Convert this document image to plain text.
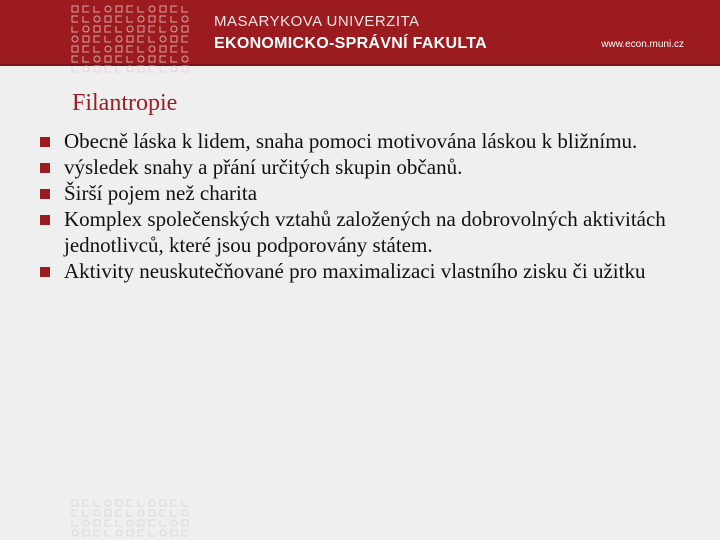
MASARYKOVA UNIVERZITA
EKONOMICKO-SPRÁVNÍ FAKULTA	www.econ.muni.cz
Filantropie
Obecně láska k lidem, snaha pomoci motivována láskou k bližnímu.
výsledek snahy a přání určitých skupin občanů.
Širší pojem než charita
Komplex společenských vztahů založených na dobrovolných aktivitách jednotlivců, které jsou podporovány státem.
Aktivity neuskutečňované pro maximalizaci vlastního zisku či užitku
